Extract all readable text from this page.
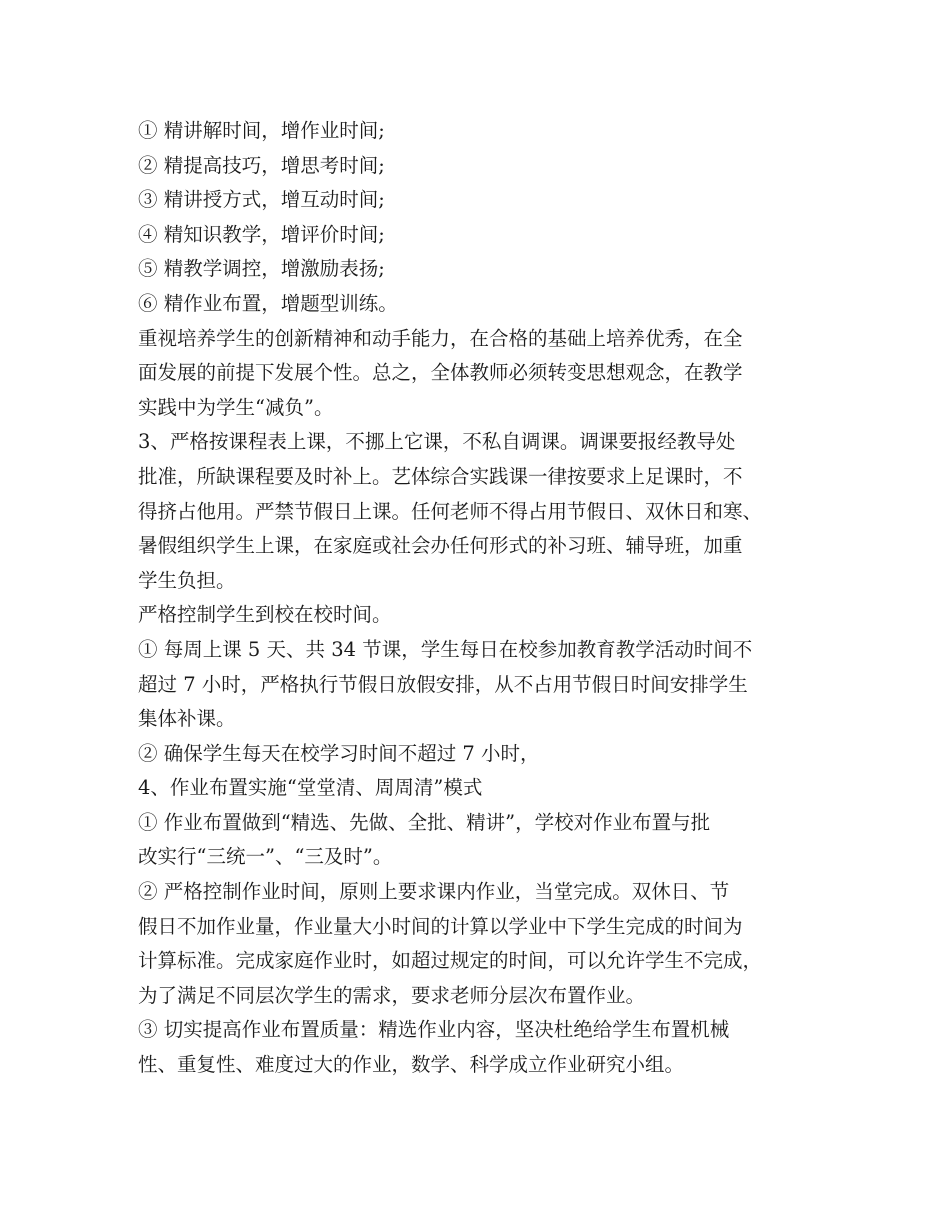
① 精讲解时间，增作业时间;
② 精提高技巧，增思考时间;
③ 精讲授方式，增互动时间;
④ 精知识教学，增评价时间;
⑤ 精教学调控，增激励表扬;
⑥ 精作业布置，增题型训练。
重视培养学生的创新精神和动手能力，在合格的基础上培养优秀，在全
面发展的前提下发展个性。总之，全体教师必须转变思想观念，在教学
实践中为学生“减负”。
3、严格按课程表上课，不挪上它课，不私自调课。调课要报经教导处
批准，所缺课程要及时补上。艺体综合实践课一律按要求上足课时，不
得挤占他用。严禁节假日上课。任何老师不得占用节假日、双休日和寒、
暑假组织学生上课，在家庭或社会办任何形式的补习班、辅导班，加重
学生负担。
严格控制学生到校在校时间。
① 每周上课 5 天、共 34 节课，学生每日在校参加教育教学活动时间不
超过 7 小时，严格执行节假日放假安排，从不占用节假日时间安排学生
集体补课。
② 确保学生每天在校学习时间不超过 7 小时，
4、作业布置实施“堂堂清、周周清”模式
① 作业布置做到“精选、先做、全批、精讲”，学校对作业布置与批
改实行“三统一”、“三及时”。
② 严格控制作业时间，原则上要求课内作业，当堂完成。双休日、节
假日不加作业量，作业量大小时间的计算以学业中下学生完成的时间为
计算标准。完成家庭作业时，如超过规定的时间，可以允许学生不完成，
为了满足不同层次学生的需求，要求老师分层次布置作业。
③ 切实提高作业布置质量：精选作业内容，坚决杜绝给学生布置机械
性、重复性、难度过大的作业，数学、科学成立作业研究小组。
